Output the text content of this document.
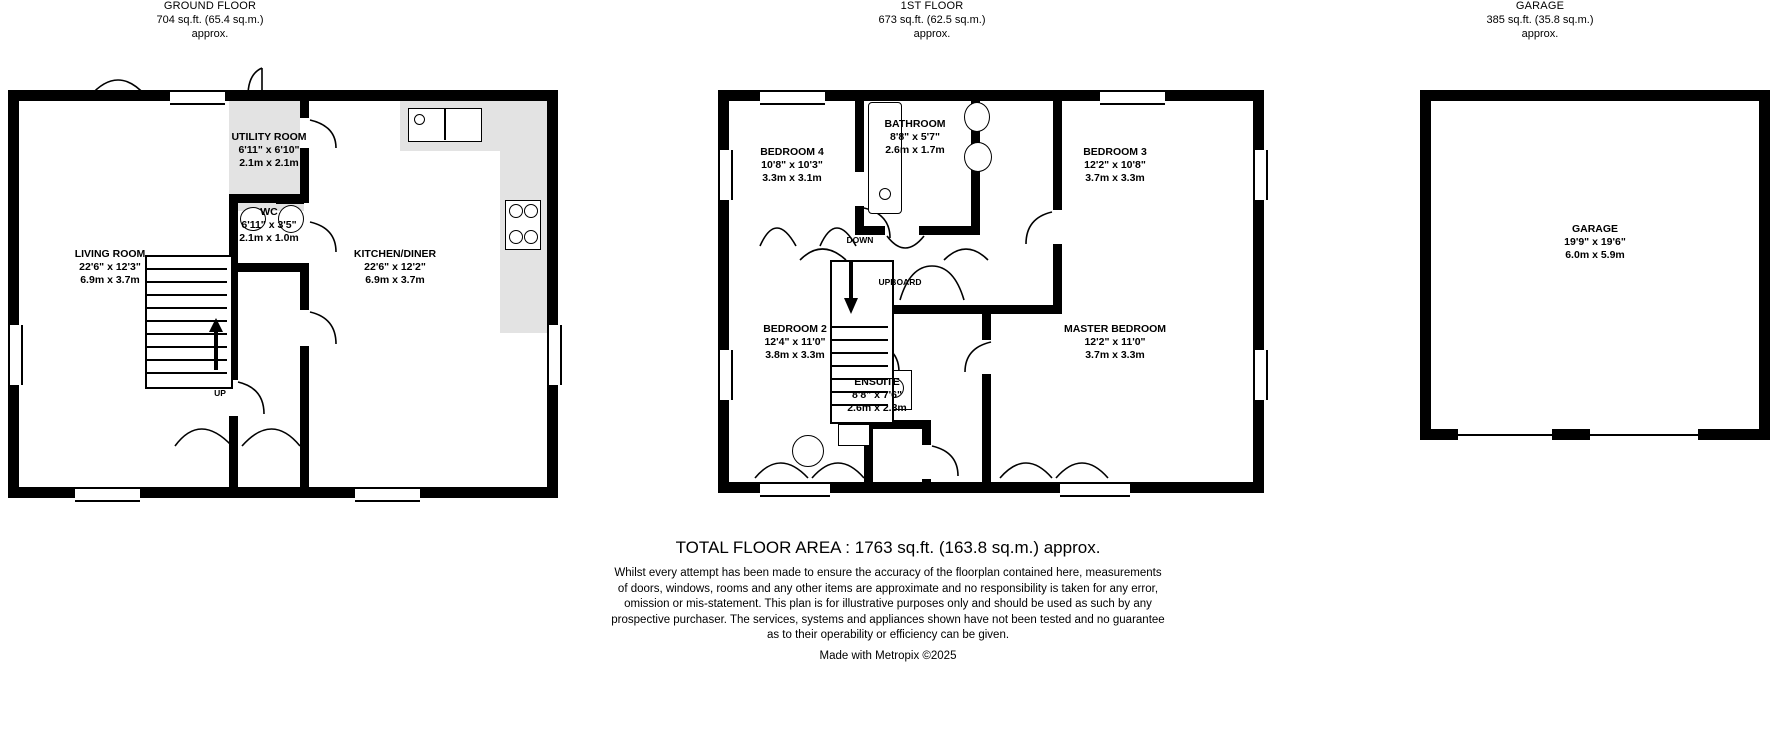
GROUND FLOOR
704 sq.ft. (65.4 sq.m.) approx.
1ST FLOOR
673 sq.ft. (62.5 sq.m.) approx.
GARAGE
385 sq.ft. (35.8 sq.m.) approx.
UP
LIVING ROOM
22'6" x 12'3"
6.9m x 3.7m
UTILITY ROOM
6'11" x 6'10"
2.1m x 2.1m
WC
6'11" x 3'5"
2.1m x 1.0m
KITCHEN/DINER
22'6" x 12'2"
6.9m x 3.7m
DOWN
UPBOARD
BEDROOM 4
10'8" x 10'3"
3.3m x 3.1m
BATHROOM
8'8" x 5'7"
2.6m x 1.7m	BEDROOM 3
12'2" x 10'8"
3.7m x 3.3m
BEDROOM 2
12'4" x 11'0"
3.8m x 3.3m
MASTER BEDROOM
12'2" x 11'0"
3.7m x 3.3m
ENSUITE
8'8" x 7'6"
2.6m x 2.3m
GARAGE
19'9" x 19'6"
6.0m x 5.9m
TOTAL FLOOR AREA : 1763 sq.ft. (163.8 sq.m.) approx.
Whilst every attempt has been made to ensure the accuracy of the floorplan contained here, measurements
of doors, windows, rooms and any other items are approximate and no responsibility is taken for any error,
omission or mis-statement. This plan is for illustrative purposes only and should be used as such by any
prospective purchaser. The services, systems and appliances shown have not been tested and no guarantee
as to their operability or efficiency can be given.
Made with Metropix ©2025
